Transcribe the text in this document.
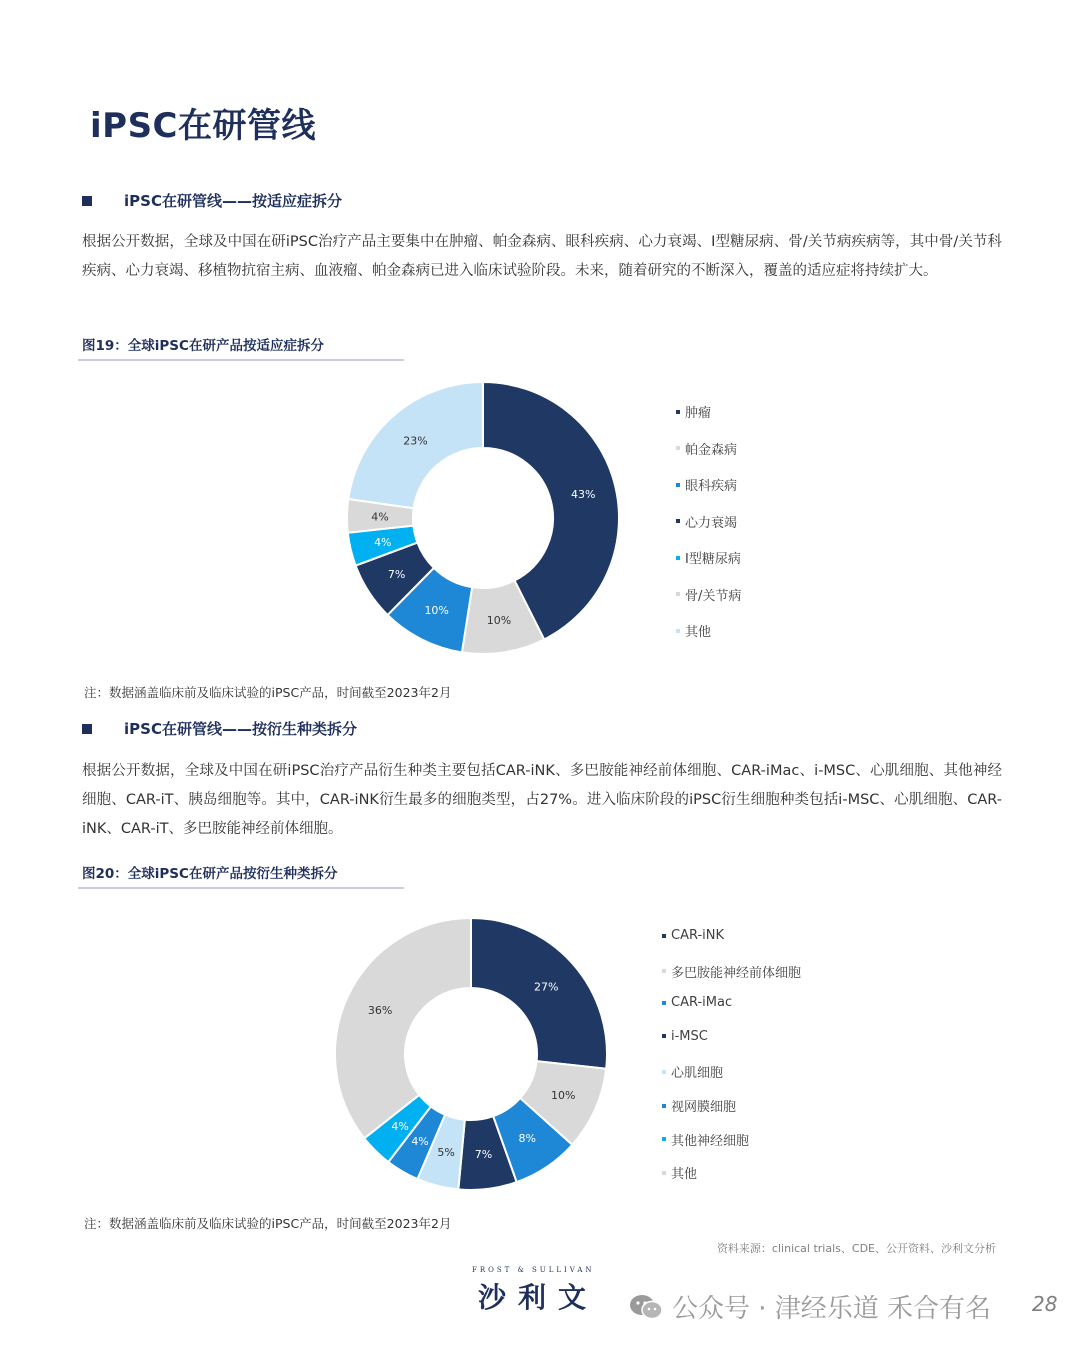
iPSC在研管线
iPSC在研管线——按适应症拆分
根据公开数据，全球及中国在研iPSC治疗产品主要集中在肿瘤、帕金森病、眼科疾病、心力衰竭、Ⅰ型糖尿病、骨/关节病疾病等，其中骨/关节科疾病、心力衰竭、移植物抗宿主病、血液瘤、帕金森病已进入临床试验阶段。未来，随着研究的不断深入，覆盖的适应症将持续扩大。
图19：全球iPSC在研产品按适应症拆分
43%
10%
10%
7%
4%
4%
23%
肿瘤
帕金森病
眼科疾病
心力衰竭
Ⅰ型糖尿病
骨/关节病
其他
注：数据涵盖临床前及临床试验的iPSC产品，时间截至2023年2月
iPSC在研管线——按衍生种类拆分
根据公开数据，全球及中国在研iPSC治疗产品衍生种类主要包括CAR-iNK、多巴胺能神经前体细胞、CAR-iMac、i-MSC、心肌细胞、其他神经细胞、CAR-iT、胰岛细胞等。其中，CAR-iNK衍生最多的细胞类型，占27%。进入临床阶段的iPSC衍生细胞种类包括i-MSC、心肌细胞、CAR-iNK、CAR-iT、多巴胺能神经前体细胞。
图20：全球iPSC在研产品按衍生种类拆分
27%
10%
8%
7%
5%
4%
4%
36%
CAR-iNK
多巴胺能神经前体细胞
CAR-iMac
i-MSC
心肌细胞
视网膜细胞
其他神经细胞
其他
注：数据涵盖临床前及临床试验的iPSC产品，时间截至2023年2月
资料来源：clinical trials、CDE、公开资料、沙利文分析
FROST & SULLIVAN
沙利文	公众号 · 津经乐道 禾合有名 28
